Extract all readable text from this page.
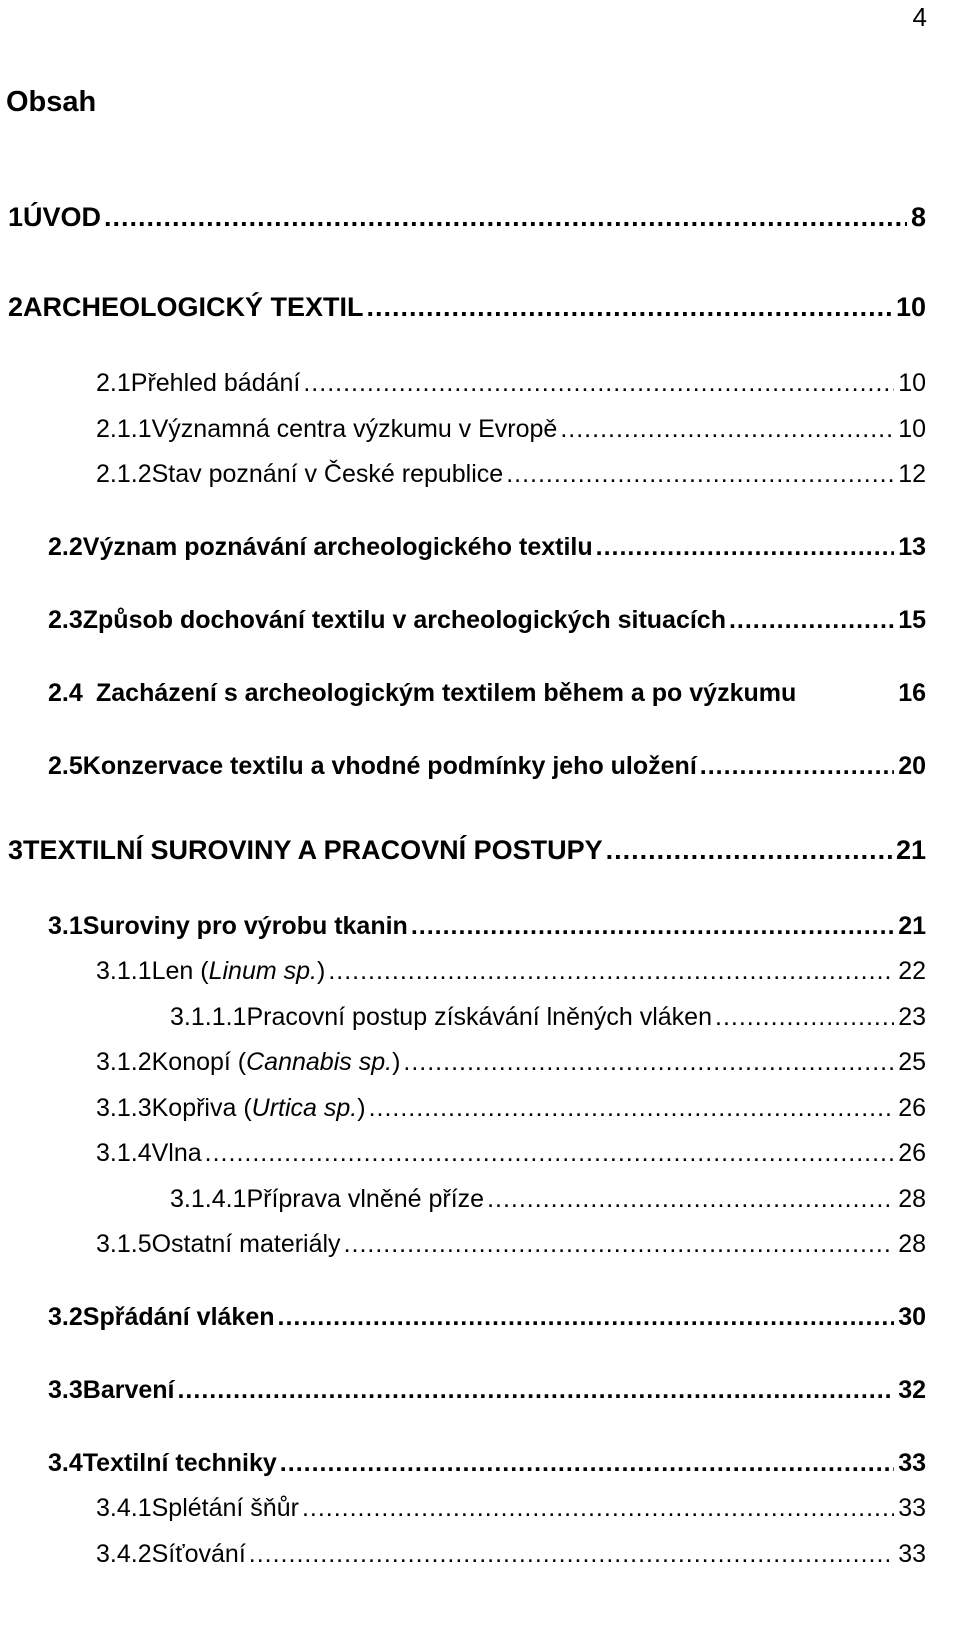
4
Obsah
1 ÚVOD .....	8
2 ARCHEOLOGICKÝ TEXTIL .....	10
2.1 Přehled bádání .....	10
2.1.1 Významná centra výzkumu v Evropě .....	10
2.1.2 Stav poznání v České republice .....	12
2.2 Význam poznávání archeologického textilu .....	13
2.3 Způsob dochování textilu v archeologických situacích .....	15
2.4 Zacházení s archeologickým textilem během a po výzkumu	16
2.5 Konzervace textilu a vhodné podmínky jeho uložení .....	20
3 TEXTILNÍ SUROVINY A PRACOVNÍ POSTUPY .....	21
3.1 Suroviny pro výrobu tkanin .....	21
3.1.1 Len (Linum sp.) .....	22
3.1.1.1 Pracovní postup získávání lněných vláken .....	23
3.1.2 Konopí (Cannabis sp.) .....	25
3.1.3 Kopřiva (Urtica sp.) .....	26
3.1.4 Vlna .....	26
3.1.4.1 Příprava vlněné příze .....	28
3.1.5 Ostatní materiály .....	28
3.2 Spřádání vláken .....	30
3.3 Barvení .....	32
3.4 Textilní techniky .....	33
3.4.1 Splétání šňůr .....	33
3.4.2 Síťování .....	33
